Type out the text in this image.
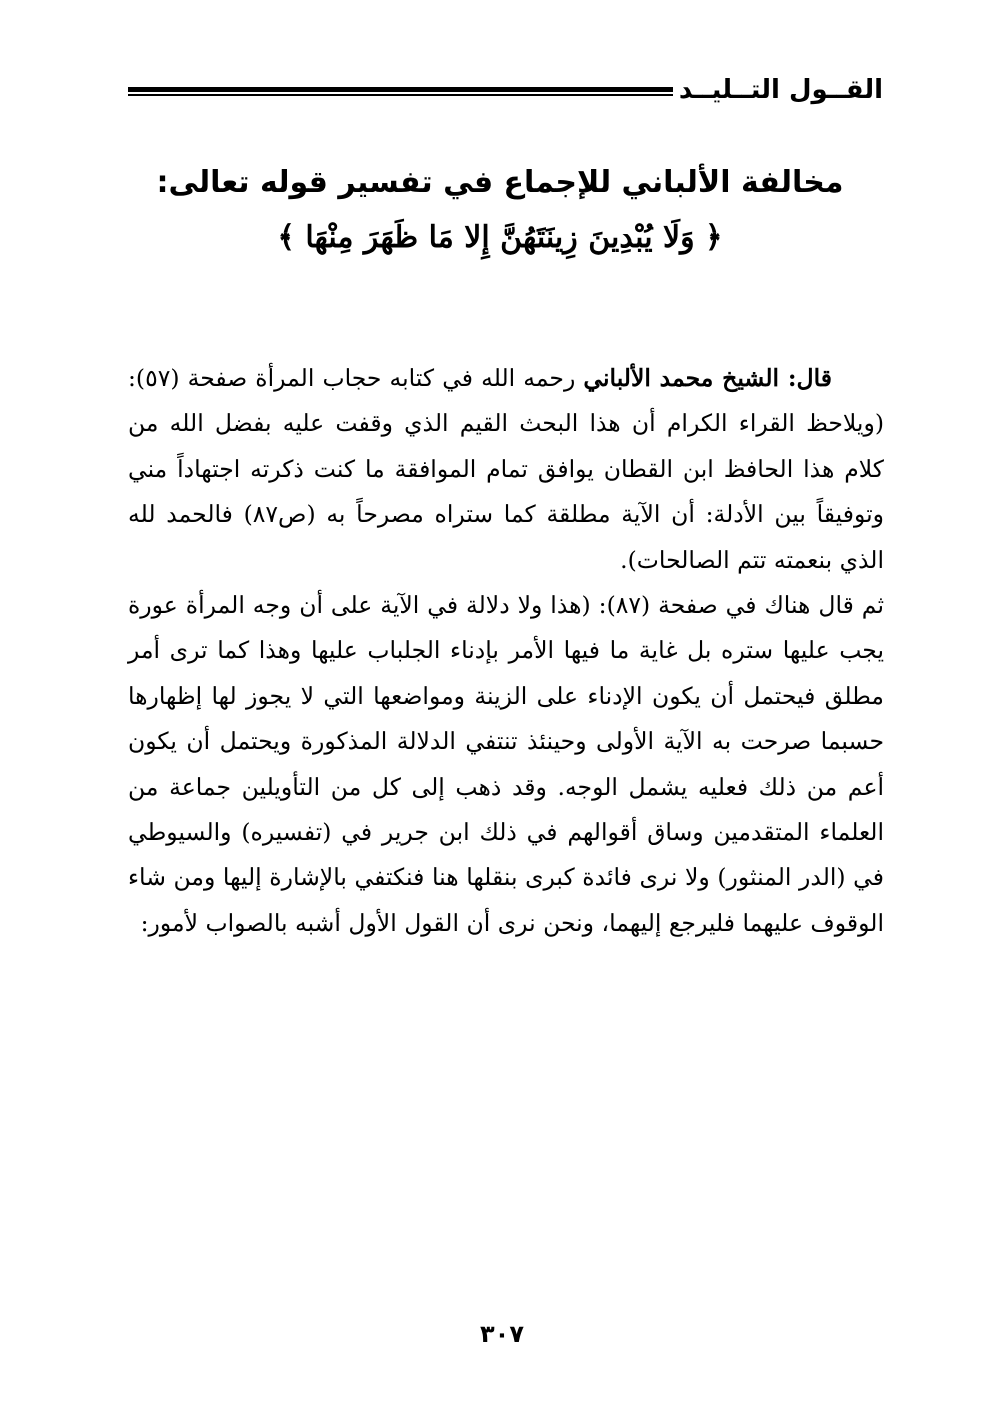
القــول التــليــد
مخالفة الألباني للإجماع في تفسير قوله تعالى:
﴿ وَلَا يُبْدِينَ زِينَتَهُنَّ إِلا مَا ظَهَرَ مِنْهَا ﴾

قال: الشيخ محمد الألباني رحمه الله في كتابه حجاب المرأة صفحة (٥٧): (ويلاحظ القراء الكرام أن هذا البحث القيم الذي وقفت عليه بفضل الله من كلام هذا الحافظ ابن القطان يوافق تمام الموافقة ما كنت ذكرته اجتهاداً مني وتوفيقاً بين الأدلة: أن الآية مطلقة كما ستراه مصرحاً به (ص٨٧) فالحمد لله الذي بنعمته تتم الصالحات).

ثم قال هناك في صفحة (٨٧): (هذا ولا دلالة في الآية على أن وجه المرأة عورة يجب عليها ستره بل غاية ما فيها الأمر بإدناء الجلباب عليها وهذا كما ترى أمر مطلق فيحتمل أن يكون الإدناء على الزينة ومواضعها التي لا يجوز لها إظهارها حسبما صرحت به الآية الأولى وحينئذ تنتفي الدلالة المذكورة ويحتمل أن يكون أعم من ذلك فعليه يشمل الوجه. وقد ذهب إلى كل من التأويلين جماعة من العلماء المتقدمين وساق أقوالهم في ذلك ابن جرير في (تفسيره) والسيوطي في (الدر المنثور) ولا نرى فائدة كبرى بنقلها هنا فنكتفي بالإشارة إليها ومن شاء الوقوف عليهما فليرجع إليهما، ونحن نرى أن القول الأول أشبه بالصواب لأمور:

٣٠٧
